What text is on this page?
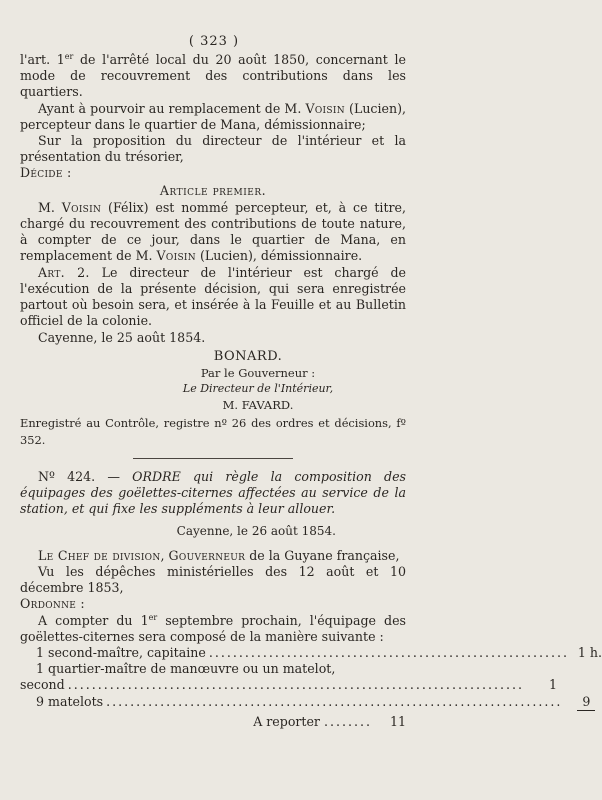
( 323 )

l'art. 1er de l'arrêté local du 20 août 1850, concernant le mode de recouvrement des contributions dans les quartiers.

Ayant à pourvoir au remplacement de M. Voisin (Lucien), percepteur dans le quartier de Mana, démissionnaire;

Sur la proposition du directeur de l'intérieur et la présentation du trésorier,

Décide :

Article premier.

M. Voisin (Félix) est nommé percepteur, et, à ce titre, chargé du recouvrement des contributions de toute nature, à compter de ce jour, dans le quartier de Mana, en remplacement de M. Voisin (Lucien), démissionnaire.

Art. 2. Le directeur de l'intérieur est chargé de l'exécution de la présente décision, qui sera enregistrée partout où besoin sera, et insérée à la Feuille et au Bulletin officiel de la colonie.

Cayenne, le 25 août 1854.

BONARD.

Par le Gouverneur :

Le Directeur de l'Intérieur,

M. FAVARD.

Enregistré au Contrôle, registre nº 26 des ordres et décisions, fº 352.

Nº 424. — ORDRE qui règle la composition des équipages des goëlettes-citernes affectées au service de la station, et qui fixe les suppléments à leur allouer.

Cayenne, le 26 août 1854.

Le Chef de division, Gouverneur de la Guyane française,

Vu les dépêches ministérielles des 12 août et 10 décembre 1853,

Ordonne :

A compter du 1er septembre prochain, l'équipage des goëlettes-citernes sera composé de la manière suivante :

1 second-maître, capitaine ............................................................ 1 h.

1 quartier-maître de manœuvre ou un matelot,

second ............................................................................	1
9 matelots ............................................................................	9
A reporter ........	11
